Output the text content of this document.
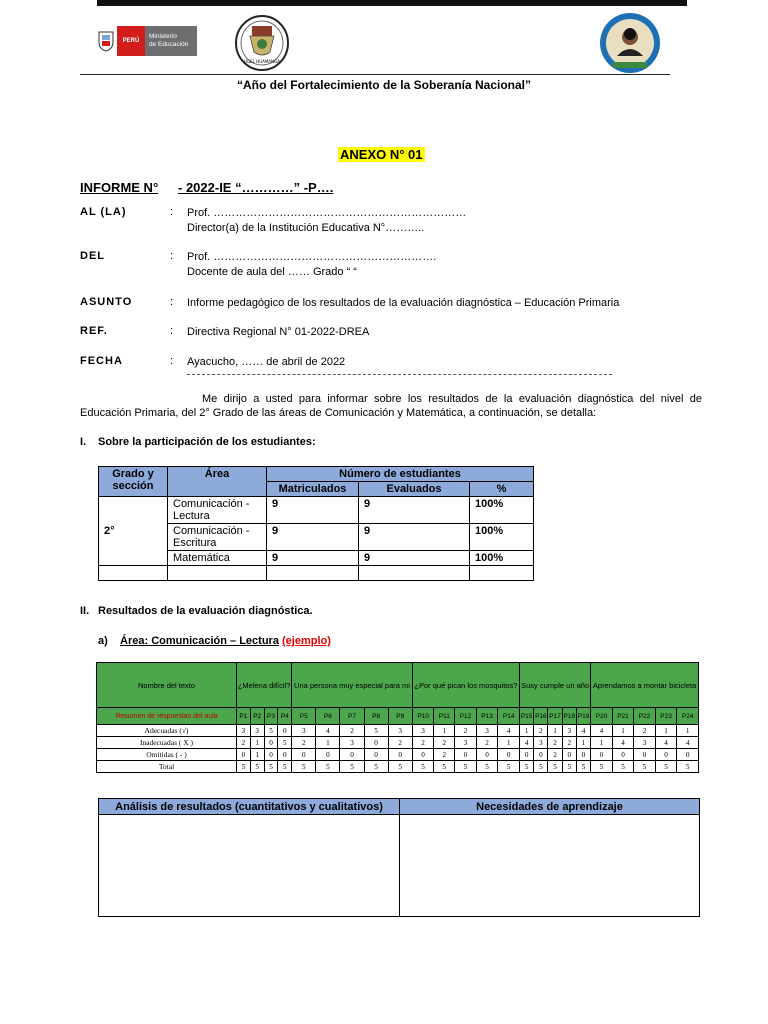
PERÚ
Ministerio
de Educación
UGEL HUAMANGA
“Año del Fortalecimiento de la Soberanía Nacional”
ANEXO N° 01
INFORME N° - 2022-IE “…………” -P….
AL (LA)	: Prof. ……………………………………………………………
Director(a) de la Institución Educativa N°………..
DEL	: Prof. …………………………………………………….
Docente de aula del …… Grado “ “
ASUNTO	: Informe pedagógico de los resultados de la evaluación diagnóstica – Educación Primaria
REF.	: Directiva Regional N° 01-2022-DREA
FECHA	: Ayacucho, …… de abril de 2022
Me dirijo a usted para informar sobre los resultados de la evaluación diagnóstica del nivel de Educación Primaria, del 2° Grado de las áreas de Comunicación y Matemática, a continuación, se detalla:
I. Sobre la participación de los estudiantes:
Grado y sección	Área	Número de estudiantes		
		Matriculados	Evaluados	%
2°	Comunicación - Lectura	9	9	100%
	Comunicación - Escritura	9	9	100%
	Matemática	9	9	100%

II. Resultados de la evaluación diagnóstica.
a) Área: Comunicación – Lectura (ejemplo)
Nombre del texto	¿Melena difícil?				Una persona muy especial para mi					¿Por qué pican los mosquitos?					Susy cumple un año					Aprendamos a montar bicicleta				
Resumen de respuestas del aula	P1	P2	P3	P4	P5	P6	P7	P8	P9	P10	P11	P12	P13	P14	P15	P16	P17	P18	P19	P20	P21	P22	P23	P24
Adecuadas (√)	3	3	5	0	3	4	2	5	3	3	1	2	3	4	1	2	1	3	4	4	1	2	1	1
Inadecuadas ( X )	2	1	0	5	2	1	3	0	2	2	2	3	2	1	4	3	2	2	1	1	4	3	4	4
Omitidas ( - )	0	1	0	0	0	0	0	0	0	0	2	0	0	0	0	0	2	0	0	0	0	0	0	0
Total	5	5	5	5	5	5	5	5	5	5	5	5	5	5	5	5	5	5	5	5	5	5	5	5
Análisis de resultados (cuantitativos y cualitativos)	Necesidades de aprendizaje
